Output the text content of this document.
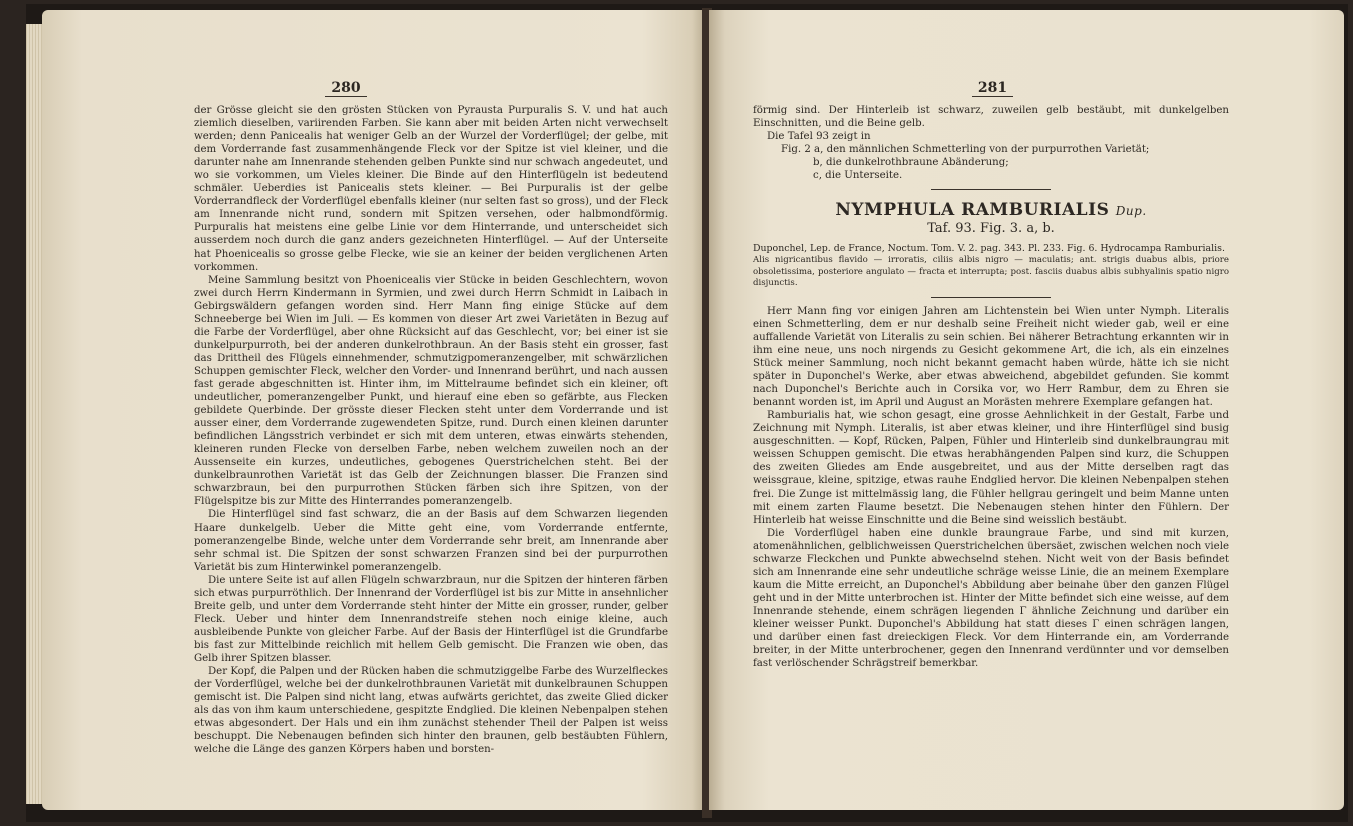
280

der Grösse gleicht sie den grösten Stücken von Pyrausta Purpuralis S. V. und hat auch ziemlich dieselben, variirenden Farben. Sie kann aber mit beiden Arten nicht verwechselt werden; denn Panicealis hat weniger Gelb an der Wurzel der Vorderflügel; der gelbe, mit dem Vorderrande fast zusammenhängende Fleck vor der Spitze ist viel kleiner, und die darunter nahe am Innenrande stehenden gelben Punkte sind nur schwach angedeutet, und wo sie vorkommen, um Vieles kleiner. Die Binde auf den Hinterflügeln ist bedeutend schmäler. Ueberdies ist Panicealis stets kleiner. — Bei Purpuralis ist der gelbe Vorderrandfleck der Vorderflügel ebenfalls kleiner (nur selten fast so gross), und der Fleck am Innenrande nicht rund, sondern mit Spitzen versehen, oder halbmondförmig. Purpuralis hat meistens eine gelbe Linie vor dem Hinterrande, und unterscheidet sich ausserdem noch durch die ganz anders gezeichneten Hinterflügel. — Auf der Unterseite hat Phoenicealis so grosse gelbe Flecke, wie sie an keiner der beiden verglichenen Arten vorkommen.

Meine Sammlung besitzt von Phoenicealis vier Stücke in beiden Geschlechtern, wovon zwei durch Herrn Kindermann in Syrmien, und zwei durch Herrn Schmidt in Laibach in Gebirgswäldern gefangen worden sind. Herr Mann fing einige Stücke auf dem Schneeberge bei Wien im Juli. — Es kommen von dieser Art zwei Varietäten in Bezug auf die Farbe der Vorderflügel, aber ohne Rücksicht auf das Geschlecht, vor; bei einer ist sie dunkelpurpurroth, bei der anderen dunkelrothbraun. An der Basis steht ein grosser, fast das Drittheil des Flügels einnehmender, schmutzigpomeranzengelber, mit schwärzlichen Schuppen gemischter Fleck, welcher den Vorder- und Innenrand berührt, und nach aussen fast gerade abgeschnitten ist. Hinter ihm, im Mittelraume befindet sich ein kleiner, oft undeutlicher, pomeranzengelber Punkt, und hierauf eine eben so gefärbte, aus Flecken gebildete Querbinde. Der grösste dieser Flecken steht unter dem Vorderrande und ist ausser einer, dem Vorderrande zugewendeten Spitze, rund. Durch einen kleinen darunter befindlichen Längsstrich verbindet er sich mit dem unteren, etwas einwärts stehenden, kleineren runden Flecke von derselben Farbe, neben welchem zuweilen noch an der Aussenseite ein kurzes, undeutliches, gebogenes Querstrichelchen steht. Bei der dunkelbraunrothen Varietät ist das Gelb der Zeichnungen blasser. Die Franzen sind schwarzbraun, bei den purpurrothen Stücken färben sich ihre Spitzen, von der Flügelspitze bis zur Mitte des Hinterrandes pomeranzengelb.

Die Hinterflügel sind fast schwarz, die an der Basis auf dem Schwarzen liegenden Haare dunkelgelb. Ueber die Mitte geht eine, vom Vorderrande entfernte, pomeranzengelbe Binde, welche unter dem Vorderrande sehr breit, am Innenrande aber sehr schmal ist. Die Spitzen der sonst schwarzen Franzen sind bei der purpurrothen Varietät bis zum Hinterwinkel pomeranzengelb.

Die untere Seite ist auf allen Flügeln schwarzbraun, nur die Spitzen der hinteren färben sich etwas purpurröthlich. Der Innenrand der Vorderflügel ist bis zur Mitte in ansehnlicher Breite gelb, und unter dem Vorderrande steht hinter der Mitte ein grosser, runder, gelber Fleck. Ueber und hinter dem Innenrandstreife stehen noch einige kleine, auch ausbleibende Punkte von gleicher Farbe. Auf der Basis der Hinterflügel ist die Grundfarbe bis fast zur Mittelbinde reichlich mit hellem Gelb gemischt. Die Franzen wie oben, das Gelb ihrer Spitzen blasser.

Der Kopf, die Palpen und der Rücken haben die schmutziggelbe Farbe des Wurzelfleckes der Vorderflügel, welche bei der dunkelrothbraunen Varietät mit dunkelbraunen Schuppen gemischt ist. Die Palpen sind nicht lang, etwas aufwärts gerichtet, das zweite Glied dicker als das von ihm kaum unterschiedene, gespitzte Endglied. Die kleinen Nebenpalpen stehen etwas abgesondert. Der Hals und ein ihm zunächst stehender Theil der Palpen ist weiss beschuppt. Die Nebenaugen befinden sich hinter den braunen, gelb bestäubten Fühlern, welche die Länge des ganzen Körpers haben und borsten-

281

förmig sind. Der Hinterleib ist schwarz, zuweilen gelb bestäubt, mit dunkelgelben Einschnitten, und die Beine gelb.

Die Tafel 93 zeigt in

Fig. 2 a, den männlichen Schmetterling von der purpurrothen Varietät;

b, die dunkelrothbraune Abänderung;

c, die Unterseite.

NYMPHULA RAMBURIALIS Dup.
Taf. 93. Fig. 3. a, b.

Duponchel, Lep. de France, Noctum. Tom. V. 2. pag. 343. Pl. 233. Fig. 6. Hydrocampa Ramburialis.

Alis nigricantibus flavido — irroratis, ciliis albis nigro — maculatis; ant. strigis duabus albis, priore obsoletissima, posteriore angulato — fracta et interrupta; post. fasciis duabus albis subhyalinis spatio nigro disjunctis.

Herr Mann fing vor einigen Jahren am Lichtenstein bei Wien unter Nymph. Literalis einen Schmetterling, dem er nur deshalb seine Freiheit nicht wieder gab, weil er eine auffallende Varietät von Literalis zu sein schien. Bei näherer Betrachtung erkannten wir in ihm eine neue, uns noch nirgends zu Gesicht gekommene Art, die ich, als ein einzelnes Stück meiner Sammlung, noch nicht bekannt gemacht haben würde, hätte ich sie nicht später in Duponchel's Werke, aber etwas abweichend, abgebildet gefunden. Sie kommt nach Duponchel's Berichte auch in Corsika vor, wo Herr Rambur, dem zu Ehren sie benannt worden ist, im April und August an Morästen mehrere Exemplare gefangen hat.

Ramburialis hat, wie schon gesagt, eine grosse Aehnlichkeit in der Gestalt, Farbe und Zeichnung mit Nymph. Literalis, ist aber etwas kleiner, und ihre Hinterflügel sind busig ausgeschnitten. — Kopf, Rücken, Palpen, Fühler und Hinterleib sind dunkelbraungrau mit weissen Schuppen gemischt. Die etwas herabhängenden Palpen sind kurz, die Schuppen des zweiten Gliedes am Ende ausgebreitet, und aus der Mitte derselben ragt das weissgraue, kleine, spitzige, etwas rauhe Endglied hervor. Die kleinen Nebenpalpen stehen frei. Die Zunge ist mittelmässig lang, die Fühler hellgrau geringelt und beim Manne unten mit einem zarten Flaume besetzt. Die Nebenaugen stehen hinter den Fühlern. Der Hinterleib hat weisse Einschnitte und die Beine sind weisslich bestäubt.

Die Vorderflügel haben eine dunkle braungraue Farbe, und sind mit kurzen, atomenähnlichen, gelblichweissen Querstrichelchen übersäet, zwischen welchen noch viele schwarze Fleckchen und Punkte abwechselnd stehen. Nicht weit von der Basis befindet sich am Innenrande eine sehr undeutliche schräge weisse Linie, die an meinem Exemplare kaum die Mitte erreicht, an Duponchel's Abbildung aber beinahe über den ganzen Flügel geht und in der Mitte unterbrochen ist. Hinter der Mitte befindet sich eine weisse, auf dem Innenrande stehende, einem schrägen liegenden Γ ähnliche Zeichnung und darüber ein kleiner weisser Punkt. Duponchel's Abbildung hat statt dieses Γ einen schrägen langen, und darüber einen fast dreieckigen Fleck. Vor dem Hinterrande ein, am Vorderrande breiter, in der Mitte unterbrochener, gegen den Innenrand verdünnter und vor demselben fast verlöschender Schrägstreif bemerkbar.
